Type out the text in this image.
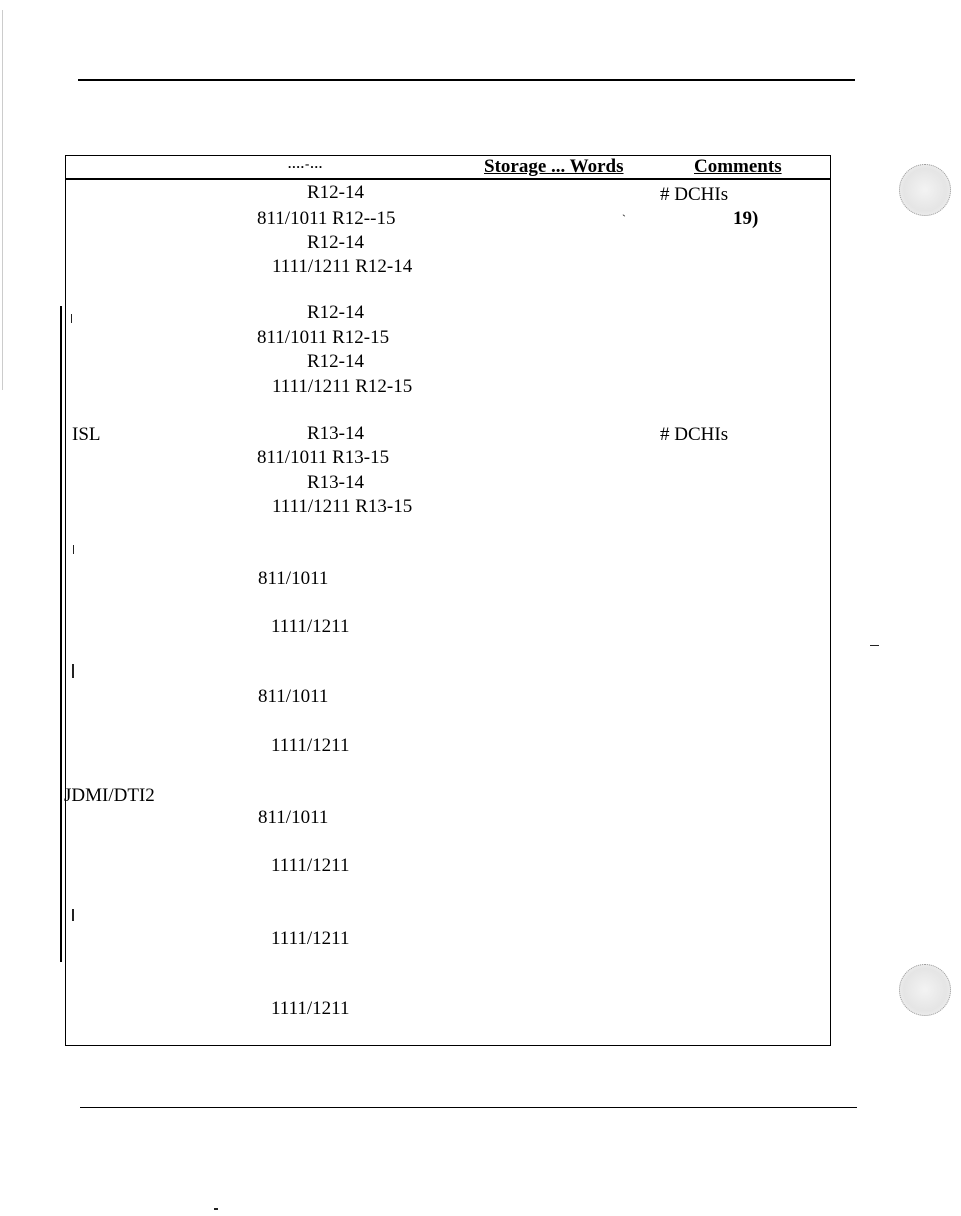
....-...	Storage ... Words	Comments
ISL
JDMI/DTI2
R12-14
811/1011 R12--15
R12-14
1111/1211 R12-14
R12-14
811/1011 R12-15
R12-14
1111/1211 R12-15
R13-14
811/1011 R13-15
R13-14
1111/1211 R13-15
811/1011
1111/1211
811/1011
1111/1211
811/1011
1111/1211
1111/1211
1111/1211
`
# DCHIs
19)
# DCHIs
